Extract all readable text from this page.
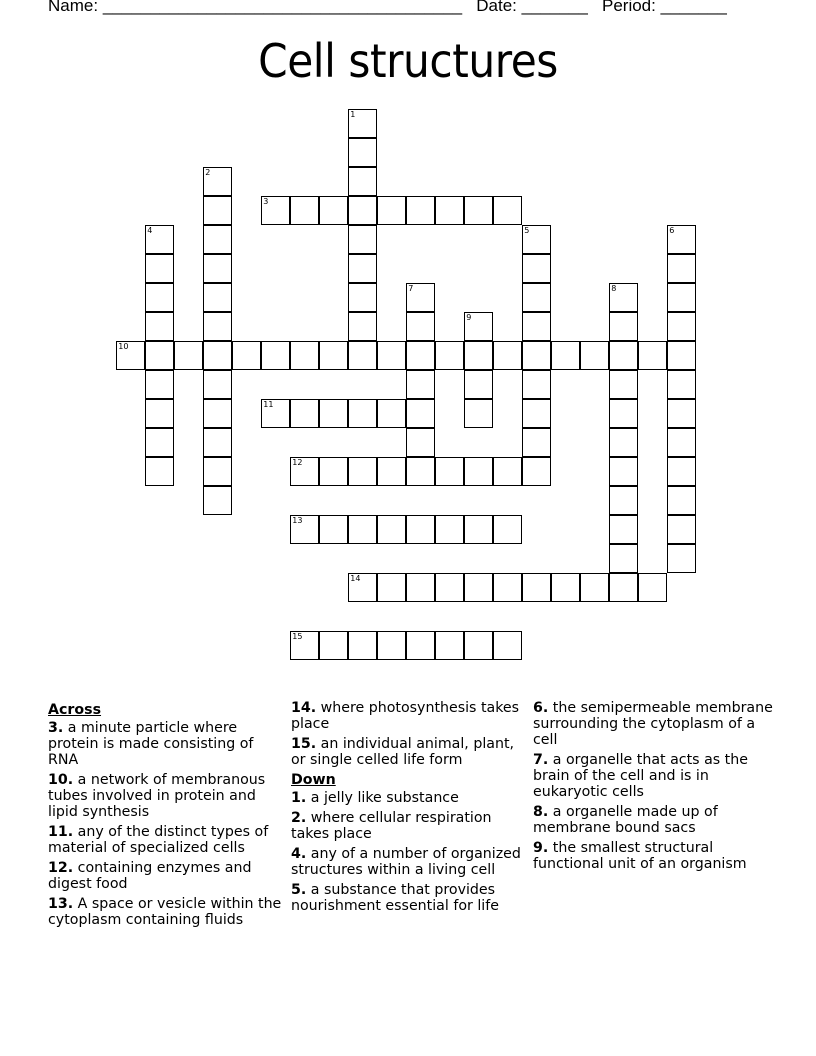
Name: ______________________________________ Date: _______ Period: _______
Cell structures
1
2
3
4	5	6
7	8
9
10
11
12
13
14
15
Across
3. a minute particle where protein is made consisting of RNA
10. a network of membranous tubes involved in protein and lipid synthesis
11. any of the distinct types of material of specialized cells
12. containing enzymes and digest food
13. A space or vesicle within the cytoplasm containing fluids
14. where photosynthesis takes place
15. an individual animal, plant, or single celled life form
Down
1. a jelly like substance
2. where cellular respiration takes place
4. any of a number of organized structures within a living cell
5. a substance that provides nourishment essential for life
6. the semipermeable membrane surrounding the cytoplasm of a cell
7. a organelle that acts as the brain of the cell and is in eukaryotic cells
8. a organelle made up of membrane bound sacs
9. the smallest structural functional unit of an organism
